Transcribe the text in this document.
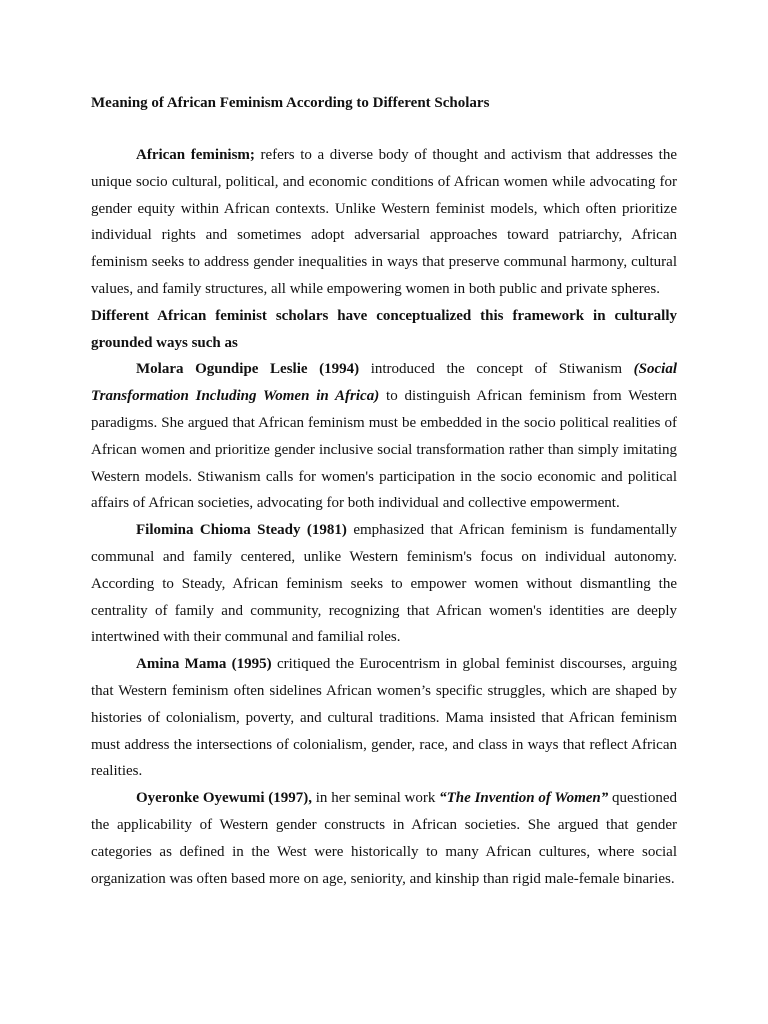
Meaning of African Feminism According to Different Scholars

African feminism; refers to a diverse body of thought and activism that addresses the unique socio cultural, political, and economic conditions of African women while advocating for gender equity within African contexts. Unlike Western feminist models, which often prioritize individual rights and sometimes adopt adversarial approaches toward patriarchy, African feminism seeks to address gender inequalities in ways that preserve communal harmony, cultural values, and family structures, all while empowering women in both public and private spheres.

Different African feminist scholars have conceptualized this framework in culturally grounded ways such as

Molara Ogundipe Leslie (1994) introduced the concept of Stiwanism (Social Transformation Including Women in Africa) to distinguish African feminism from Western paradigms. She argued that African feminism must be embedded in the socio political realities of African women and prioritize gender inclusive social transformation rather than simply imitating Western models. Stiwanism calls for women's participation in the socio economic and political affairs of African societies, advocating for both individual and collective empowerment.

Filomina Chioma Steady (1981) emphasized that African feminism is fundamentally communal and family centered, unlike Western feminism's focus on individual autonomy. According to Steady, African feminism seeks to empower women without dismantling the centrality of family and community, recognizing that African women's identities are deeply intertwined with their communal and familial roles.

Amina Mama (1995) critiqued the Eurocentrism in global feminist discourses, arguing that Western feminism often sidelines African women’s specific struggles, which are shaped by histories of colonialism, poverty, and cultural traditions. Mama insisted that African feminism must address the intersections of colonialism, gender, race, and class in ways that reflect African realities.

Oyeronke Oyewumi (1997), in her seminal work “The Invention of Women” questioned the applicability of Western gender constructs in African societies. She argued that gender categories as defined in the West were historically to many African cultures, where social organization was often based more on age, seniority, and kinship than rigid male-female binaries.
